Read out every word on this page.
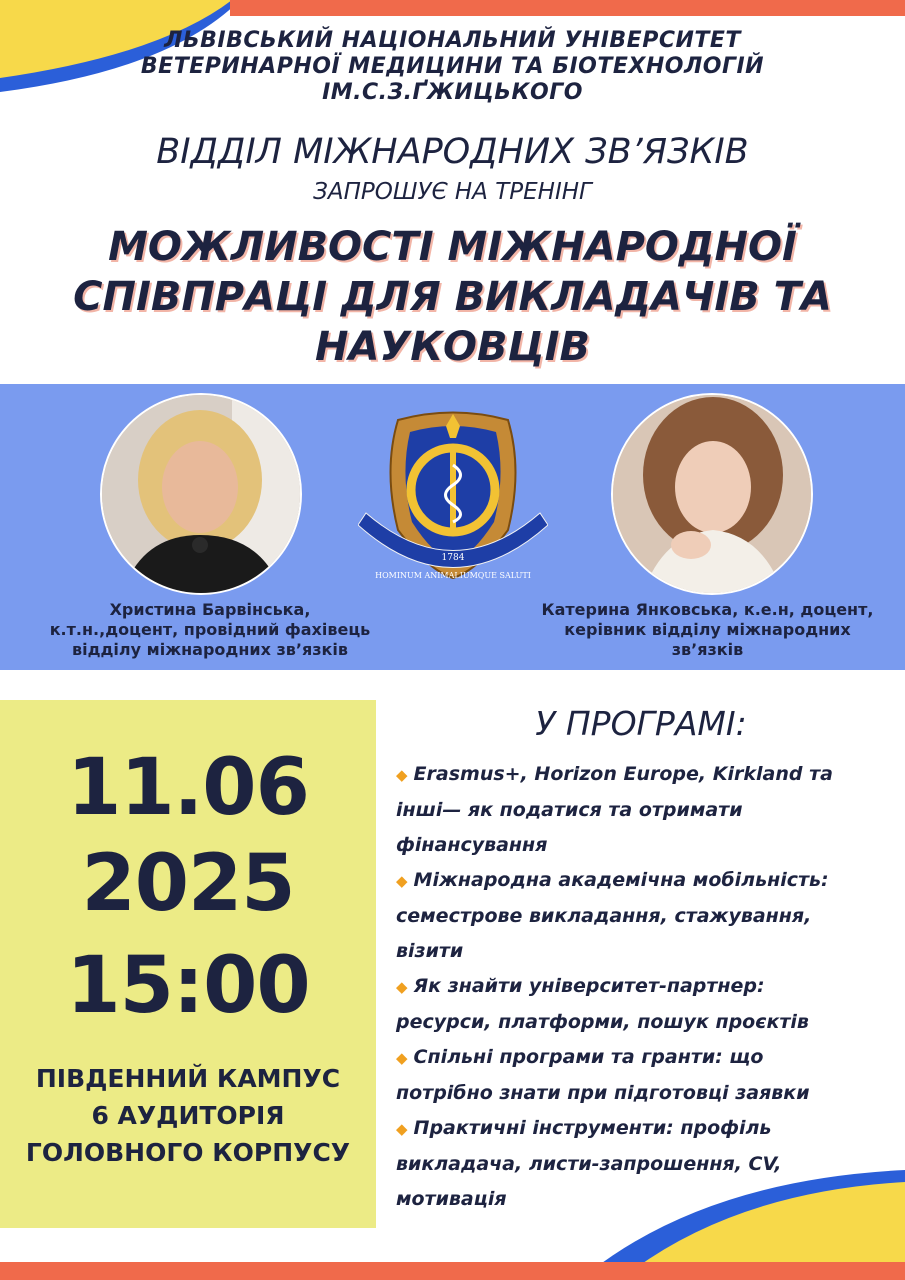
ЛЬВІВСЬКИЙ НАЦІОНАЛЬНИЙ УНІВЕРСИТЕТ
ВЕТЕРИНАРНОЇ МЕДИЦИНИ ТА БІОТЕХНОЛОГІЙ
ІМ.С.З.ҐЖИЦЬКОГО
ВІДДІЛ МІЖНАРОДНИХ ЗВ’ЯЗКІВ
ЗАПРОШУЄ НА ТРЕНІНГ
МОЖЛИВОСТІ МІЖНАРОДНОЇ
СПІВПРАЦІ ДЛЯ ВИКЛАДАЧІВ ТА
НАУКОВЦІВ
1784
HOMINUM ANIMALIUMQUE SALUTI
Христина Барвінська,
к.т.н.,доцент, провідний фахівець
відділу міжнародних зв’язків
Катерина Янковська, к.е.н, доцент,
керівник відділу міжнародних
зв’язків
11.06
2025
15:00
ПІВДЕННИЙ КАМПУС
6 АУДИТОРІЯ
ГОЛОВНОГО КОРПУСУ
У ПРОГРАМІ:
◆ Erasmus+, Horizon Europe, Kirkland та
інші— як податися та отримати
фінансування
◆ Міжнародна академічна мобільність:
семестрове викладання, стажування,
візити
◆ Як знайти університет-партнер:
ресурси, платформи, пошук проєктів
◆ Спільні програми та гранти: що
потрібно знати при підготовці заявки
◆ Практичні інструменти: профіль
викладача, листи-запрошення, CV,
мотивація
